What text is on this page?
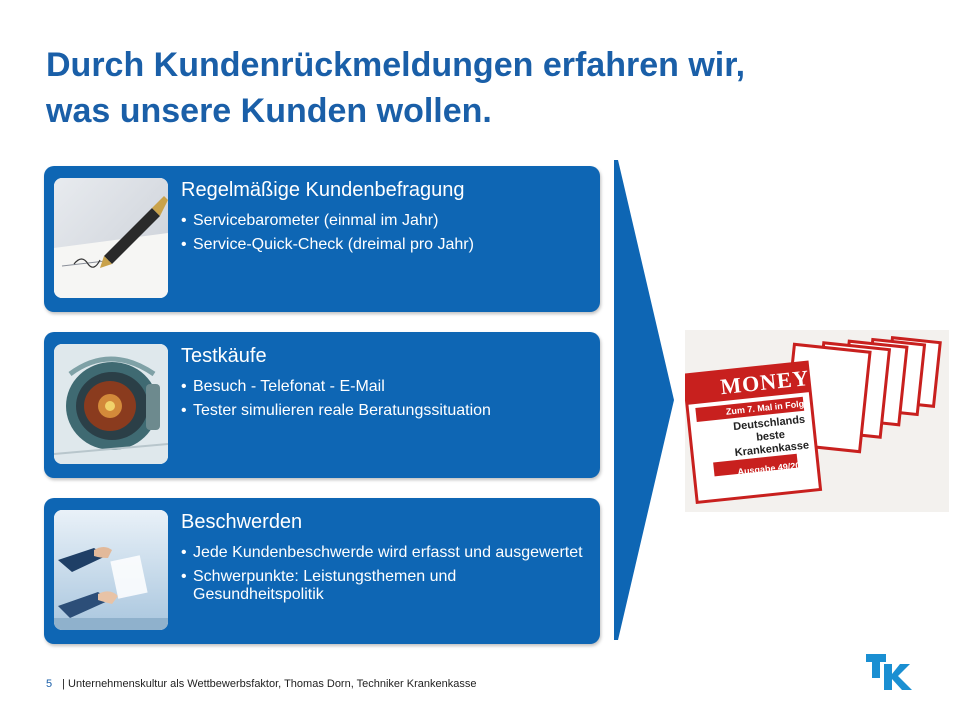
Durch Kundenrückmeldungen erfahren wir,
was unsere Kunden wollen.
Regelmäßige Kundenbefragung
• Servicebarometer (einmal im Jahr)
• Service-Quick-Check (dreimal pro Jahr)
Testkäufe
• Besuch - Telefonat - E-Mail
• Tester simulieren reale Beratungssituation
Beschwerden
• Jede Kundenbeschwerde wird erfasst und ausgewertet
• Schwerpunkte: Leistungsthemen und Gesundheitspolitik
MONEY
Zum 7. Mal in Folge
Deutschlands beste
Krankenkasse
Ausgabe 49/2012
5 | Unternehmenskultur als Wettbewerbsfaktor, Thomas Dorn, Techniker Krankenkasse
